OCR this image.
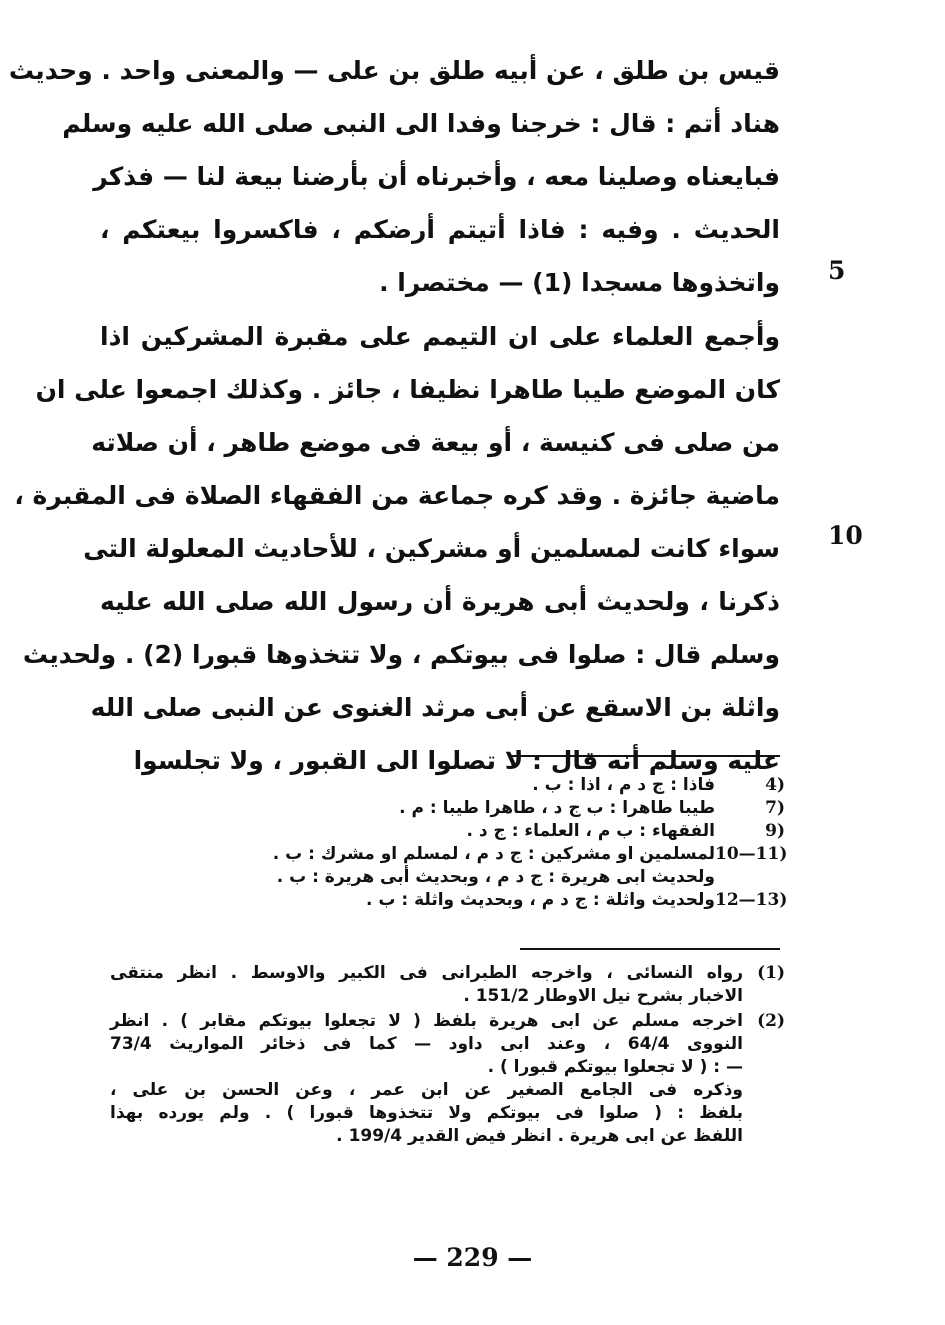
قيس بن طلق ، عن أبيه طلق بن على — والمعنى واحد . وحديث
هناد أتم : قال : خرجنا وفدا الى النبى صلى الله عليه وسلم
فبايعناه وصلينا معه ، وأخبرناه أن بأرضنا بيعة لنا — فذكر
الحديث . وفيه : فاذا أتيتم أرضكم ، فاكسروا بيعتكم ،
واتخذوها مسجدا (1) — مختصرا . 5
وأجمع العلماء على ان التيمم على مقبرة المشركين اذا
كان الموضع طيبا طاهرا نظيفا ، جائز . وكذلك اجمعوا على ان
من صلى فى كنيسة ، أو بيعة فى موضع طاهر ، أن صلاته
ماضية جائزة . وقد كره جماعة من الفقهاء الصلاة فى المقبرة ،
سواء كانت لمسلمين أو مشركين ، للأحاديث المعلولة التى
ذكرنا ، ولحديث أبى هريرة أن رسول الله صلى الله عليه
وسلم قال : صلوا فى بيوتكم ، ولا تتخذوها قبورا (2) . ولحديث
واثلة بن الاسقع عن أبى مرثد الغنوى عن النبى صلى الله
عليه وسلم أنه قال : لا تصلوا الى القبور ، ولا تجلسوا
10
4)
فاذا : ج د م ، اذا : ب .
7)
طيبا طاهرا : ب ج د ، طاهرا طيبا : م .
9)
الفقهاء : ب م ، العلماء : ج د .
10—11)
لمسلمين او مشركين : ج د م ، لمسلم او مشرك : ب .
ولحديث ابى هريرة : ج د م ، وبحديث أبى هريرة : ب .
12—13)
ولحديث واثلة : ج د م ، وبحديث واثلة : ب .
(1)
رواه النسائى ، واخرجه الطبرانى فى الكبير والاوسط . انظر منتقى
الاخبار بشرح نيل الاوطار 151/2 .
(2)
اخرجه مسلم عن ابى هريرة بلفظ ( لا تجعلوا بيوتكم مقابر ) . انظر
النووى 64/4 ، وعند ابى داود — كما فى ذخائر المواريث 73/4
— : ( لا تجعلوا بيوتكم قبورا ) .
وذكره فى الجامع الصغير عن ابن عمر ، وعن الحسن بن على ،
بلفظ : ( صلوا فى بيوتكم ولا تتخذوها قبورا ) . ولم يورده بهذا
اللفظ عن ابى هريرة . انظر فيض القدير 199/4 .
— 229 —
